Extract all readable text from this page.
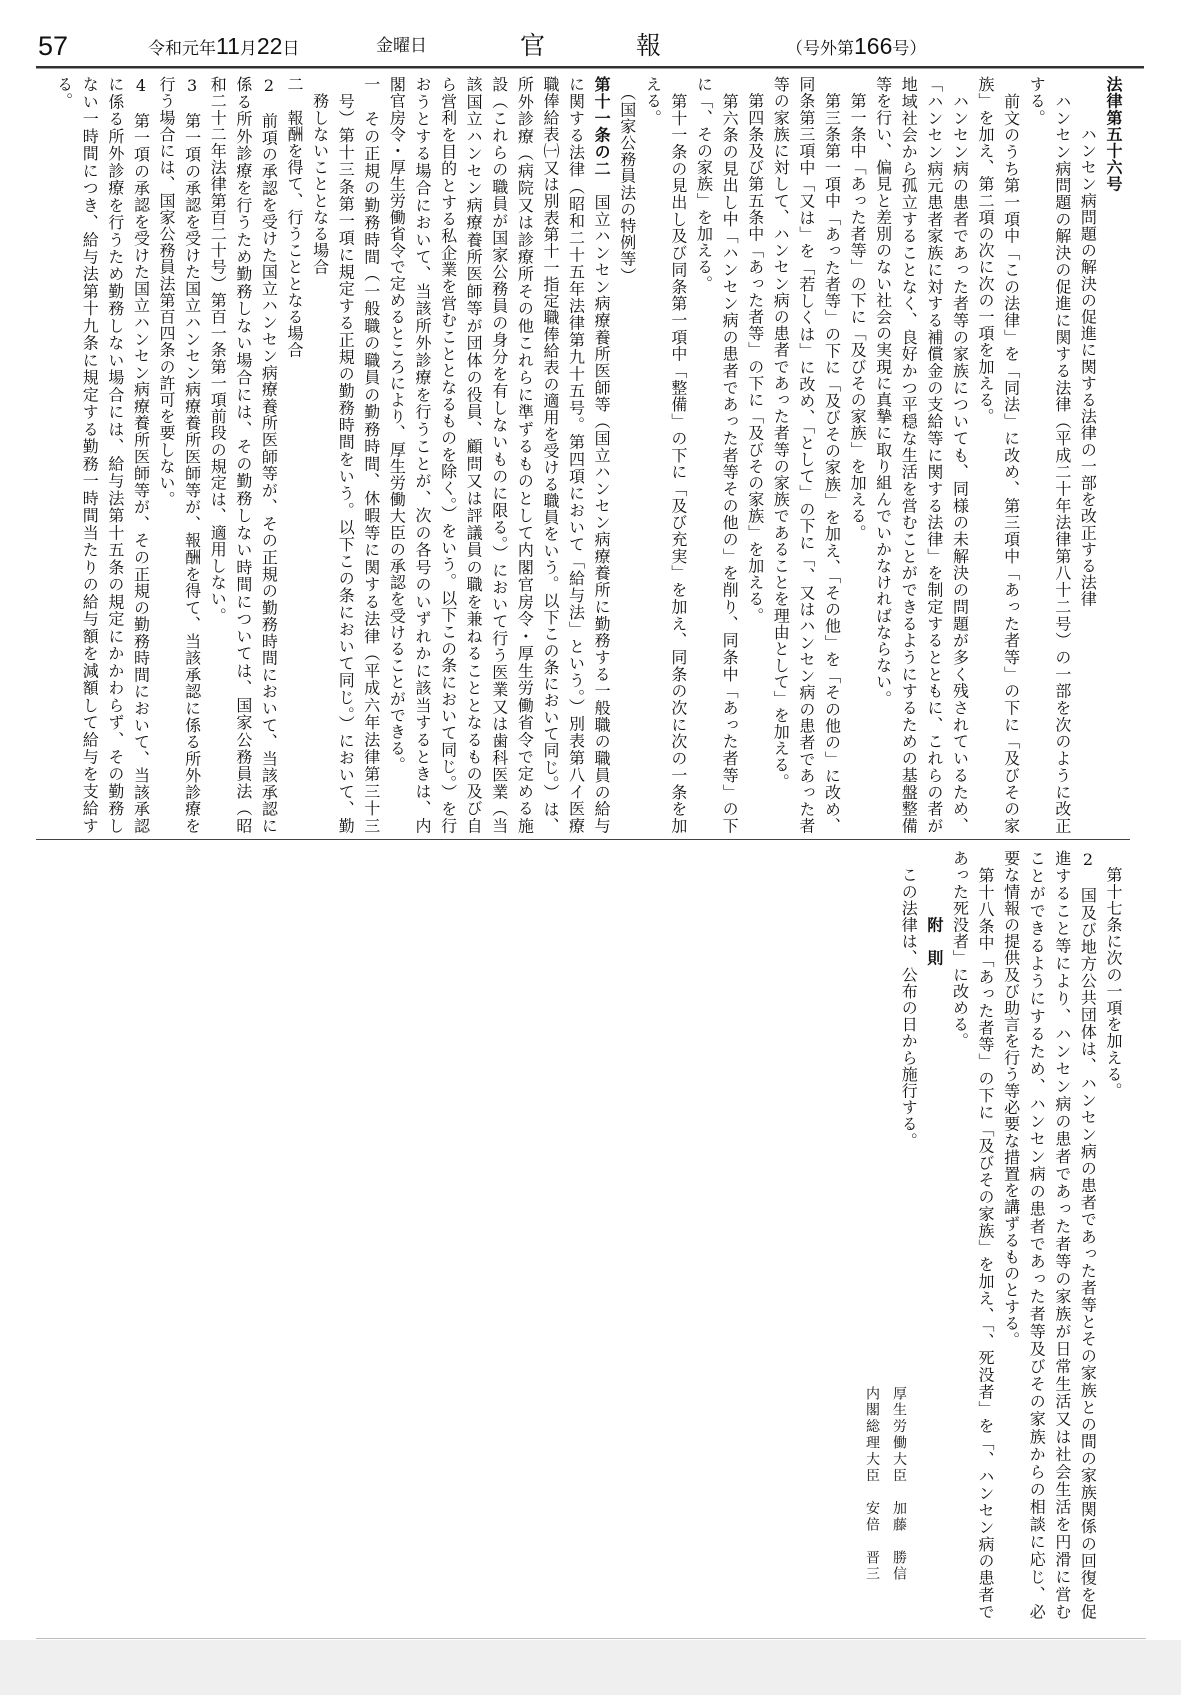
57	令和元年11月22日	金曜日	官	報	（号外第166号）
法律第五十六号
　　　ハンセン病問題の解決の促進に関する法律の一部を改正する法律
　ハンセン病問題の解決の促進に関する法律（平成二十年法律第八十二号）の一部を次のように改正
する。
　前文のうち第一項中「この法律」を「同法」に改め、第三項中「あった者等」の下に「及びその家
族」を加え、第二項の次に次の一項を加える。
　ハンセン病の患者であった者等の家族についても、同様の未解決の問題が多く残されているため、
「ハンセン病元患者家族に対する補償金の支給等に関する法律」を制定するとともに、これらの者が
地域社会から孤立することなく、良好かつ平穏な生活を営むことができるようにするための基盤整備
等を行い、偏見と差別のない社会の実現に真摯に取り組んでいかなければならない。
　第一条中「あった者等」の下に「及びその家族」を加える。
　第三条第一項中「あった者等」の下に「及びその家族」を加え、「その他」を「その他の」に改め、
同条第三項中「又は」を「若しくは」に改め、「として」の下に「、又はハンセン病の患者であった者
等の家族に対して、ハンセン病の患者であった者等の家族であることを理由として」を加える。
　第四条及び第五条中「あった者等」の下に「及びその家族」を加える。
　第六条の見出し中「ハンセン病の患者であった者等その他の」を削り、同条中「あった者等」の下
に「、その家族」を加える。
　第十一条の見出し及び同条第一項中「整備」の下に「及び充実」を加え、同条の次に次の一条を加
える。
　（国家公務員法の特例等）
第十一条の二　国立ハンセン病療養所医師等（国立ハンセン病療養所に勤務する一般職の職員の給与
に関する法律（昭和二十五年法律第九十五号。第四項において「給与法」という。）別表第八イ医療
職俸給表㈠又は別表第十一指定職俸給表の適用を受ける職員をいう。以下この条において同じ。）は、
所外診療（病院又は診療所その他これらに準ずるものとして内閣官房令・厚生労働省令で定める施
設（これらの職員が国家公務員の身分を有しないものに限る。）において行う医業又は歯科医業（当
該国立ハンセン病療養所医師等が団体の役員、顧問又は評議員の職を兼ねることとなるもの及び自
ら営利を目的とする私企業を営むこととなるものを除く。）をいう。以下この条において同じ。）を行
おうとする場合において、当該所外診療を行うことが、次の各号のいずれかに該当するときは、内
閣官房令・厚生労働省令で定めるところにより、厚生労働大臣の承認を受けることができる。
一　その正規の勤務時間（一般職の職員の勤務時間、休暇等に関する法律（平成六年法律第三十三
　号）第十三条第一項に規定する正規の勤務時間をいう。以下この条において同じ。）において、勤
　務しないこととなる場合
二　報酬を得て、行うこととなる場合
2　前項の承認を受けた国立ハンセン病療養所医師等が、その正規の勤務時間において、当該承認に
係る所外診療を行うため勤務しない場合には、その勤務しない時間については、国家公務員法（昭
和二十二年法律第百二十号）第百一条第一項前段の規定は、適用しない。
3　第一項の承認を受けた国立ハンセン病療養所医師等が、報酬を得て、当該承認に係る所外診療を
行う場合には、国家公務員法第百四条の許可を要しない。
4　第一項の承認を受けた国立ハンセン病療養所医師等が、その正規の勤務時間において、当該承認
に係る所外診療を行うため勤務しない場合には、給与法第十五条の規定にかかわらず、その勤務し
ない一時間につき、給与法第十九条に規定する勤務一時間当たりの給与額を減額して給与を支給す
る。
　第十七条に次の一項を加える。
2　国及び地方公共団体は、ハンセン病の患者であった者等とその家族との間の家族関係の回復を促
進すること等により、ハンセン病の患者であった者等の家族が日常生活又は社会生活を円滑に営む
ことができるようにするため、ハンセン病の患者であった者等及びその家族からの相談に応じ、必
要な情報の提供及び助言を行う等必要な措置を講ずるものとする。
　第十八条中「あった者等」の下に「及びその家族」を加え、「、死没者」を「、ハンセン病の患者で
あった死没者」に改める。
　　　　附　則
　この法律は、公布の日から施行する。
厚生労働大臣　加藤　勝信
内閣総理大臣　安倍　晋三
